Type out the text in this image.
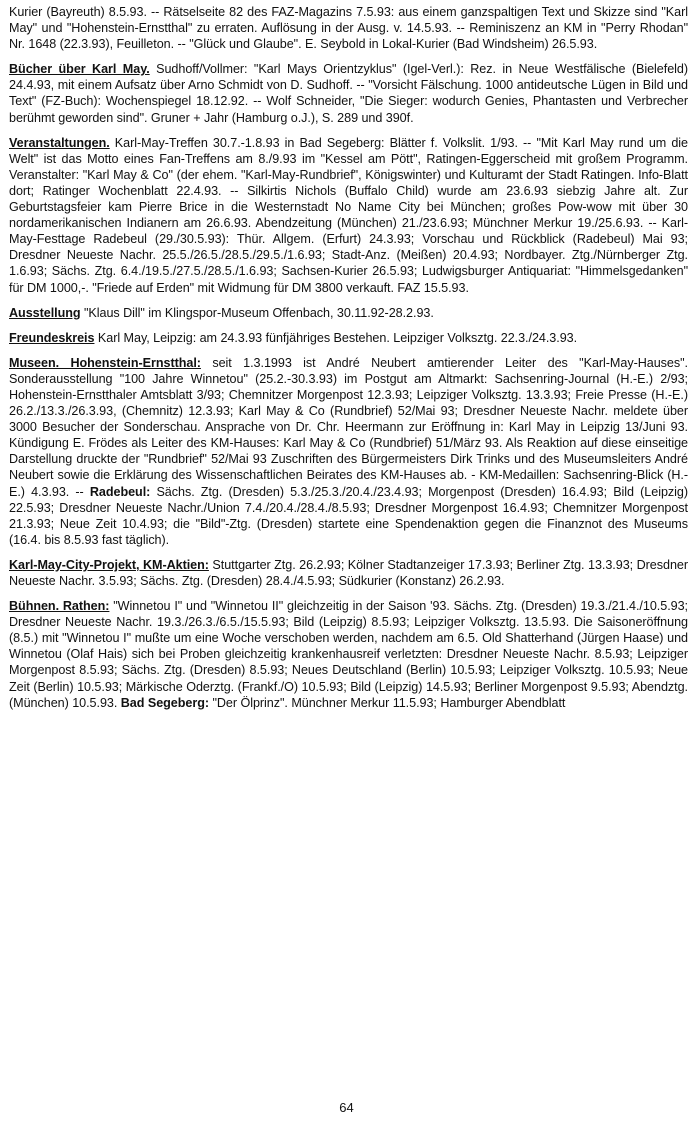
Kurier (Bayreuth) 8.5.93. -- Rätselseite 82 des FAZ-Magazins 7.5.93: aus einem ganzspaltigen Text und Skizze sind "Karl May" und "Hohenstein-Ernstthal" zu erraten. Auflösung in der Ausg. v. 14.5.93. -- Reminiszenz an KM in "Perry Rhodan" Nr. 1648 (22.3.93), Feuilleton. -- "Glück und Glaube". E. Seybold in Lokal-Kurier (Bad Windsheim) 26.5.93.

Bücher über Karl May. Sudhoff/Vollmer: "Karl Mays Orientzyklus" (Igel-Verl.): Rez. in Neue Westfälische (Bielefeld) 24.4.93, mit einem Aufsatz über Arno Schmidt von D. Sudhoff. -- "Vorsicht Fälschung. 1000 antideutsche Lügen in Bild und Text" (FZ-Buch): Wochenspiegel 18.12.92. -- Wolf Schneider, "Die Sieger: wodurch Genies, Phantasten und Verbrecher berühmt geworden sind". Gruner + Jahr (Hamburg o.J.), S. 289 und 390f.

Veranstaltungen. Karl-May-Treffen 30.7.-1.8.93 in Bad Segeberg: Blätter f. Volkslit. 1/93. -- "Mit Karl May rund um die Welt" ist das Motto eines Fan-Treffens am 8./9.93 im "Kessel am Pött", Ratingen-Eggerscheid mit großem Programm. Veranstalter: "Karl May & Co" (der ehem. "Karl-May-Rundbrief", Königswinter) und Kulturamt der Stadt Ratingen. Info-Blatt dort; Ratinger Wochenblatt 22.4.93. -- Silkirtis Nichols (Buffalo Child) wurde am 23.6.93 siebzig Jahre alt. Zur Geburtstagsfeier kam Pierre Brice in die Westernstadt No Name City bei München; großes Pow-wow mit über 30 nordamerikanischen Indianern am 26.6.93. Abendzeitung (München) 21./23.6.93; Münchner Merkur 19./25.6.93. -- Karl-May-Festtage Radebeul (29./30.5.93): Thür. Allgem. (Erfurt) 24.3.93; Vorschau und Rückblick (Radebeul) Mai 93; Dresdner Neueste Nachr. 25.5./26.5./28.5./29.5./1.6.93; Stadt-Anz. (Meißen) 20.4.93; Nordbayer. Ztg./Nürnberger Ztg. 1.6.93; Sächs. Ztg. 6.4./19.5./27.5./28.5./1.6.93; Sachsen-Kurier 26.5.93; Ludwigsburger Antiquariat: "Himmelsgedanken" für DM 1000,-. "Friede auf Erden" mit Widmung für DM 3800 verkauft. FAZ 15.5.93.

Ausstellung "Klaus Dill" im Klingspor-Museum Offenbach, 30.11.92-28.2.93.

Freundeskreis Karl May, Leipzig: am 24.3.93 fünfjähriges Bestehen. Leipziger Volksztg. 22.3./24.3.93.

Museen. Hohenstein-Ernstthal: seit 1.3.1993 ist André Neubert amtierender Leiter des "Karl-May-Hauses". Sonderausstellung "100 Jahre Winnetou" (25.2.-30.3.93) im Postgut am Altmarkt: Sachsenring-Journal (H.-E.) 2/93; Hohenstein-Ernstthaler Amtsblatt 3/93; Chemnitzer Morgenpost 12.3.93; Leipziger Volksztg. 13.3.93; Freie Presse (H.-E.) 26.2./13.3./26.3.93, (Chemnitz) 12.3.93; Karl May & Co (Rundbrief) 52/Mai 93; Dresdner Neueste Nachr. meldete über 3000 Besucher der Sonderschau. Ansprache von Dr. Chr. Heermann zur Eröffnung in: Karl May in Leipzig 13/Juni 93. Kündigung E. Frödes als Leiter des KM-Hauses: Karl May & Co (Rundbrief) 51/März 93. Als Reaktion auf diese einseitige Darstellung druckte der "Rundbrief" 52/Mai 93 Zuschriften des Bürgermeisters Dirk Trinks und des Museumsleiters André Neubert sowie die Erklärung des Wissenschaftlichen Beirates des KM-Hauses ab. - KM-Medaillen: Sachsenring-Blick (H.-E.) 4.3.93. -- Radebeul: Sächs. Ztg. (Dresden) 5.3./25.3./20.4./23.4.93; Morgenpost (Dresden) 16.4.93; Bild (Leipzig) 22.5.93; Dresdner Neueste Nachr./Union 7.4./20.4./28.4./8.5.93; Dresdner Morgenpost 16.4.93; Chemnitzer Morgenpost 21.3.93; Neue Zeit 10.4.93; die "Bild"-Ztg. (Dresden) startete eine Spendenaktion gegen die Finanznot des Museums (16.4. bis 8.5.93 fast täglich).

Karl-May-City-Projekt, KM-Aktien: Stuttgarter Ztg. 26.2.93; Kölner Stadtanzeiger 17.3.93; Berliner Ztg. 13.3.93; Dresdner Neueste Nachr. 3.5.93; Sächs. Ztg. (Dresden) 28.4./4.5.93; Südkurier (Konstanz) 26.2.93.

Bühnen. Rathen: "Winnetou I" und "Winnetou II" gleichzeitig in der Saison '93. Sächs. Ztg. (Dresden) 19.3./21.4./10.5.93; Dresdner Neueste Nachr. 19.3./26.3./6.5./15.5.93; Bild (Leipzig) 8.5.93; Leipziger Volksztg. 13.5.93. Die Saisoneröffnung (8.5.) mit "Winnetou I" mußte um eine Woche verschoben werden, nachdem am 6.5. Old Shatterhand (Jürgen Haase) und Winnetou (Olaf Hais) sich bei Proben gleichzeitig krankenhausreif verletzten: Dresdner Neueste Nachr. 8.5.93; Leipziger Morgenpost 8.5.93; Sächs. Ztg. (Dresden) 8.5.93; Neues Deutschland (Berlin) 10.5.93; Leipziger Volksztg. 10.5.93; Neue Zeit (Berlin) 10.5.93; Märkische Oderztg. (Frankf./O) 10.5.93; Bild (Leipzig) 14.5.93; Berliner Morgenpost 9.5.93; Abendztg. (München) 10.5.93. Bad Segeberg: "Der Ölprinz". Münchner Merkur 11.5.93; Hamburger Abendblatt

64
